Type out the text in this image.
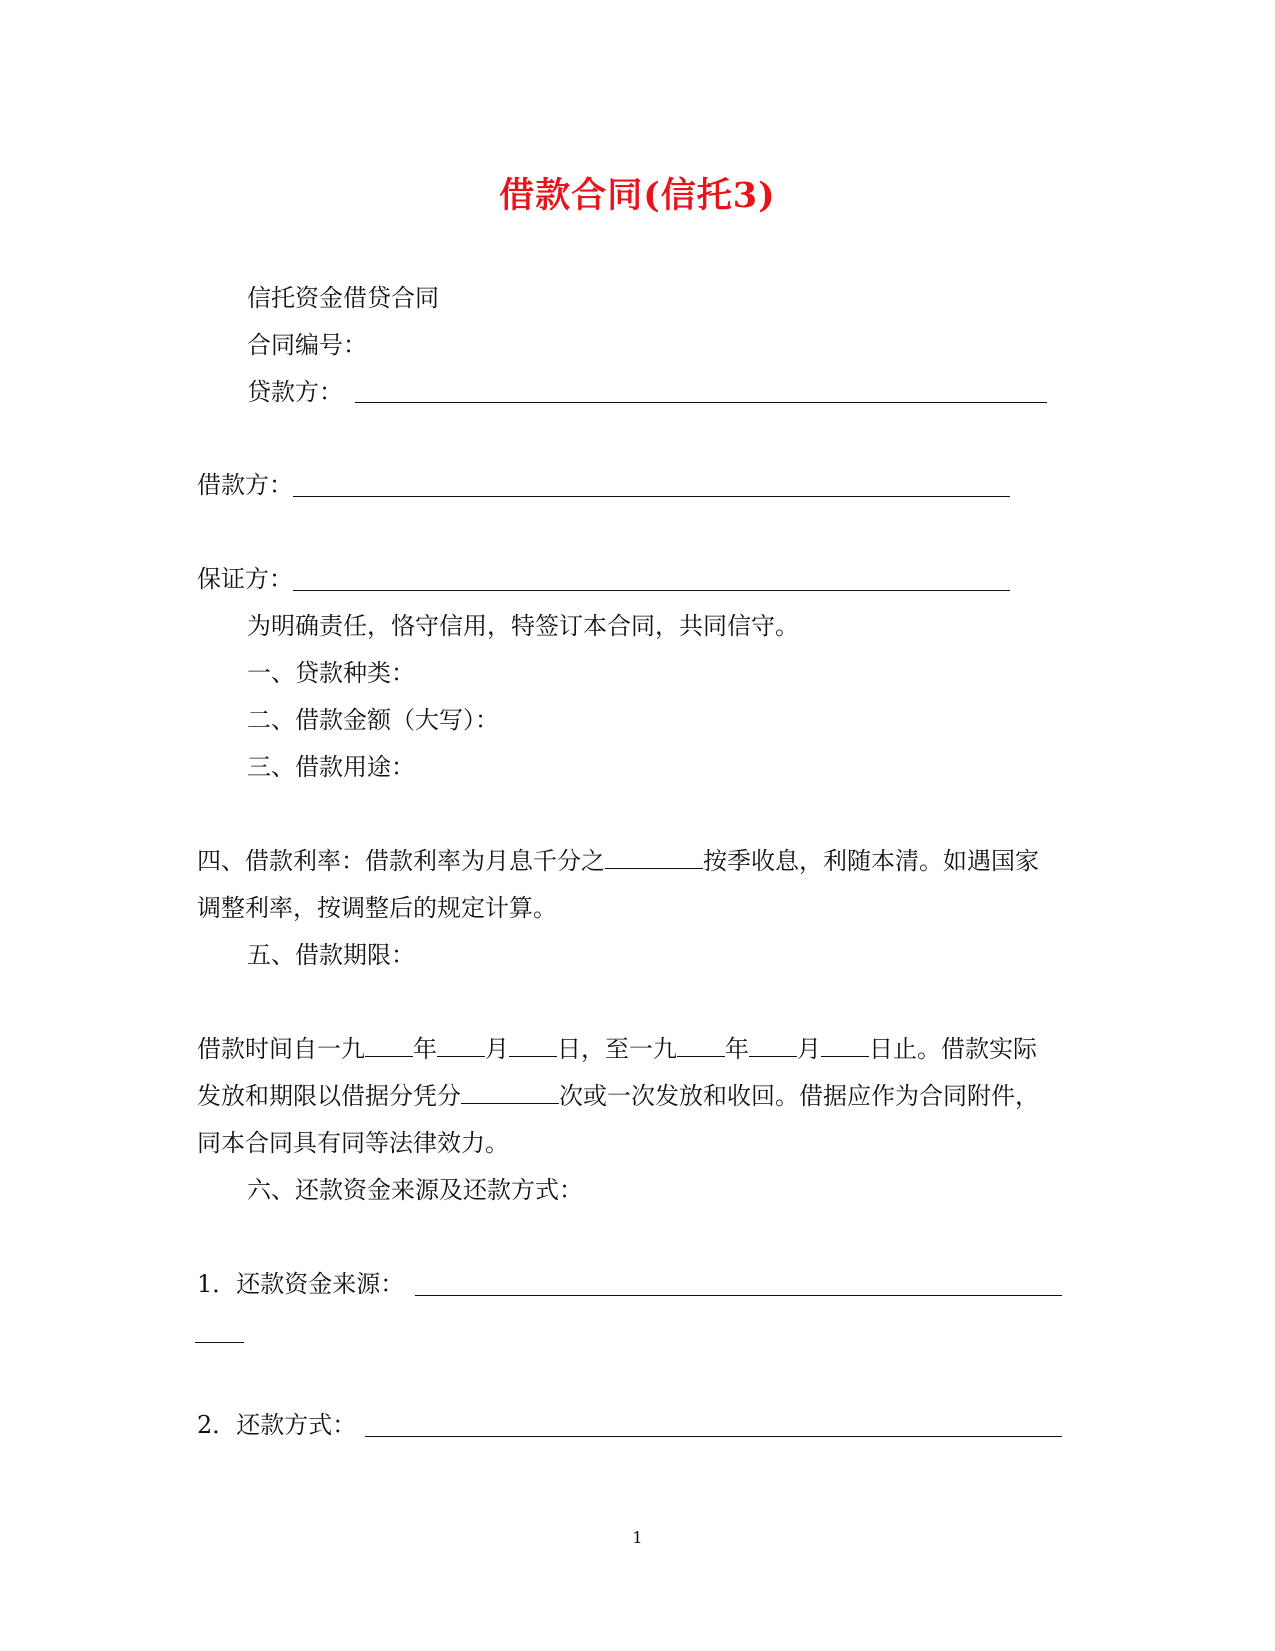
借款合同(信托3)
信托资金借贷合同
合同编号：
贷款方：
借款方：
保证方：
为明确责任，恪守信用，特签订本合同，共同信守。
一、贷款种类：
二、借款金额（大写）：
三、借款用途：
四、借款利率：借款利率为月息千分之	按季收息，利随本清。如遇国家
调整利率，按调整后的规定计算。
五、借款期限：
借款时间自一九 年 月 日，至一九 年 月 日止。借款实际
发放和期限以借据分凭分	次或一次发放和收回。借据应作为合同附件，
同本合同具有同等法律效力。
六、还款资金来源及还款方式：
1．还款资金来源：
2．还款方式：
1
